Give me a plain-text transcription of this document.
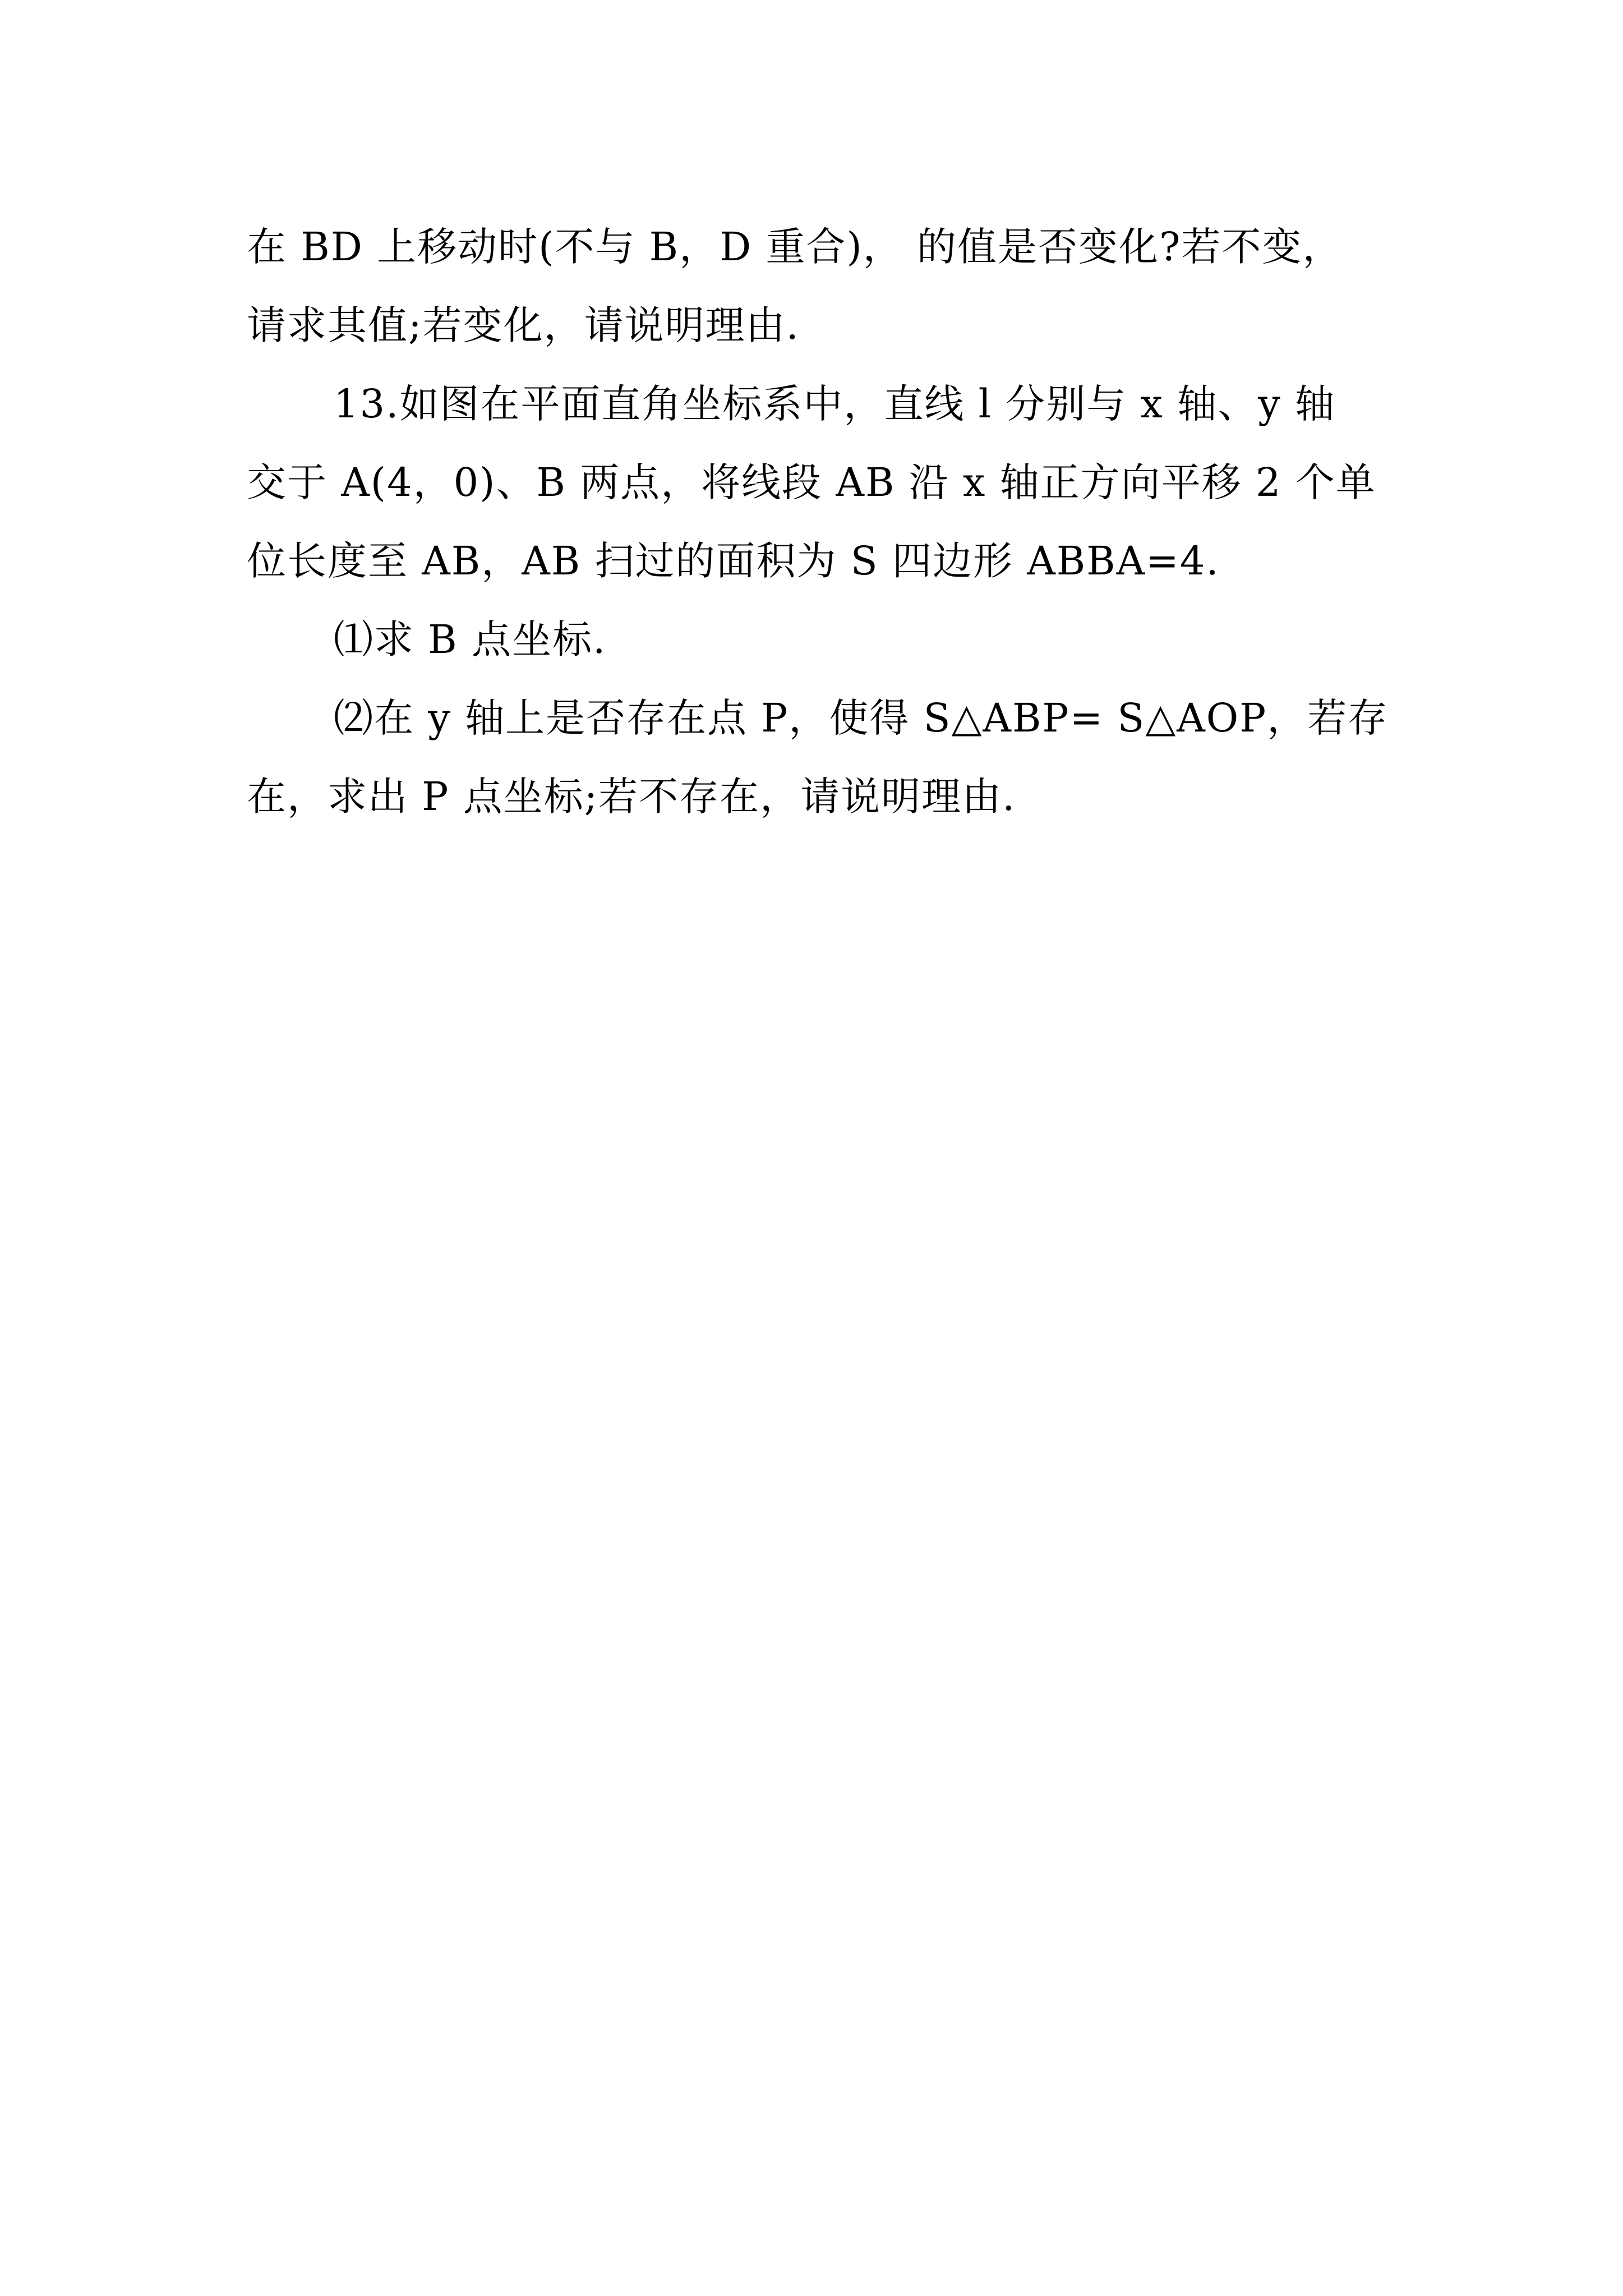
在 BD 上移动时(不与 B，D 重合)， 的值是否变化?若不变，
请求其值;若变化，请说明理由.
13.如图在平面直角坐标系中，直线 l 分别与 x 轴、y 轴
交于 A(4，0)、B 两点，将线段 AB 沿 x 轴正方向平移 2 个单
位长度至 AB，AB 扫过的面积为 S 四边形 ABBA=4.
⑴求 B 点坐标.
⑵在 y 轴上是否存在点 P，使得 S△ABP= S△AOP，若存
在，求出 P 点坐标;若不存在，请说明理由.
